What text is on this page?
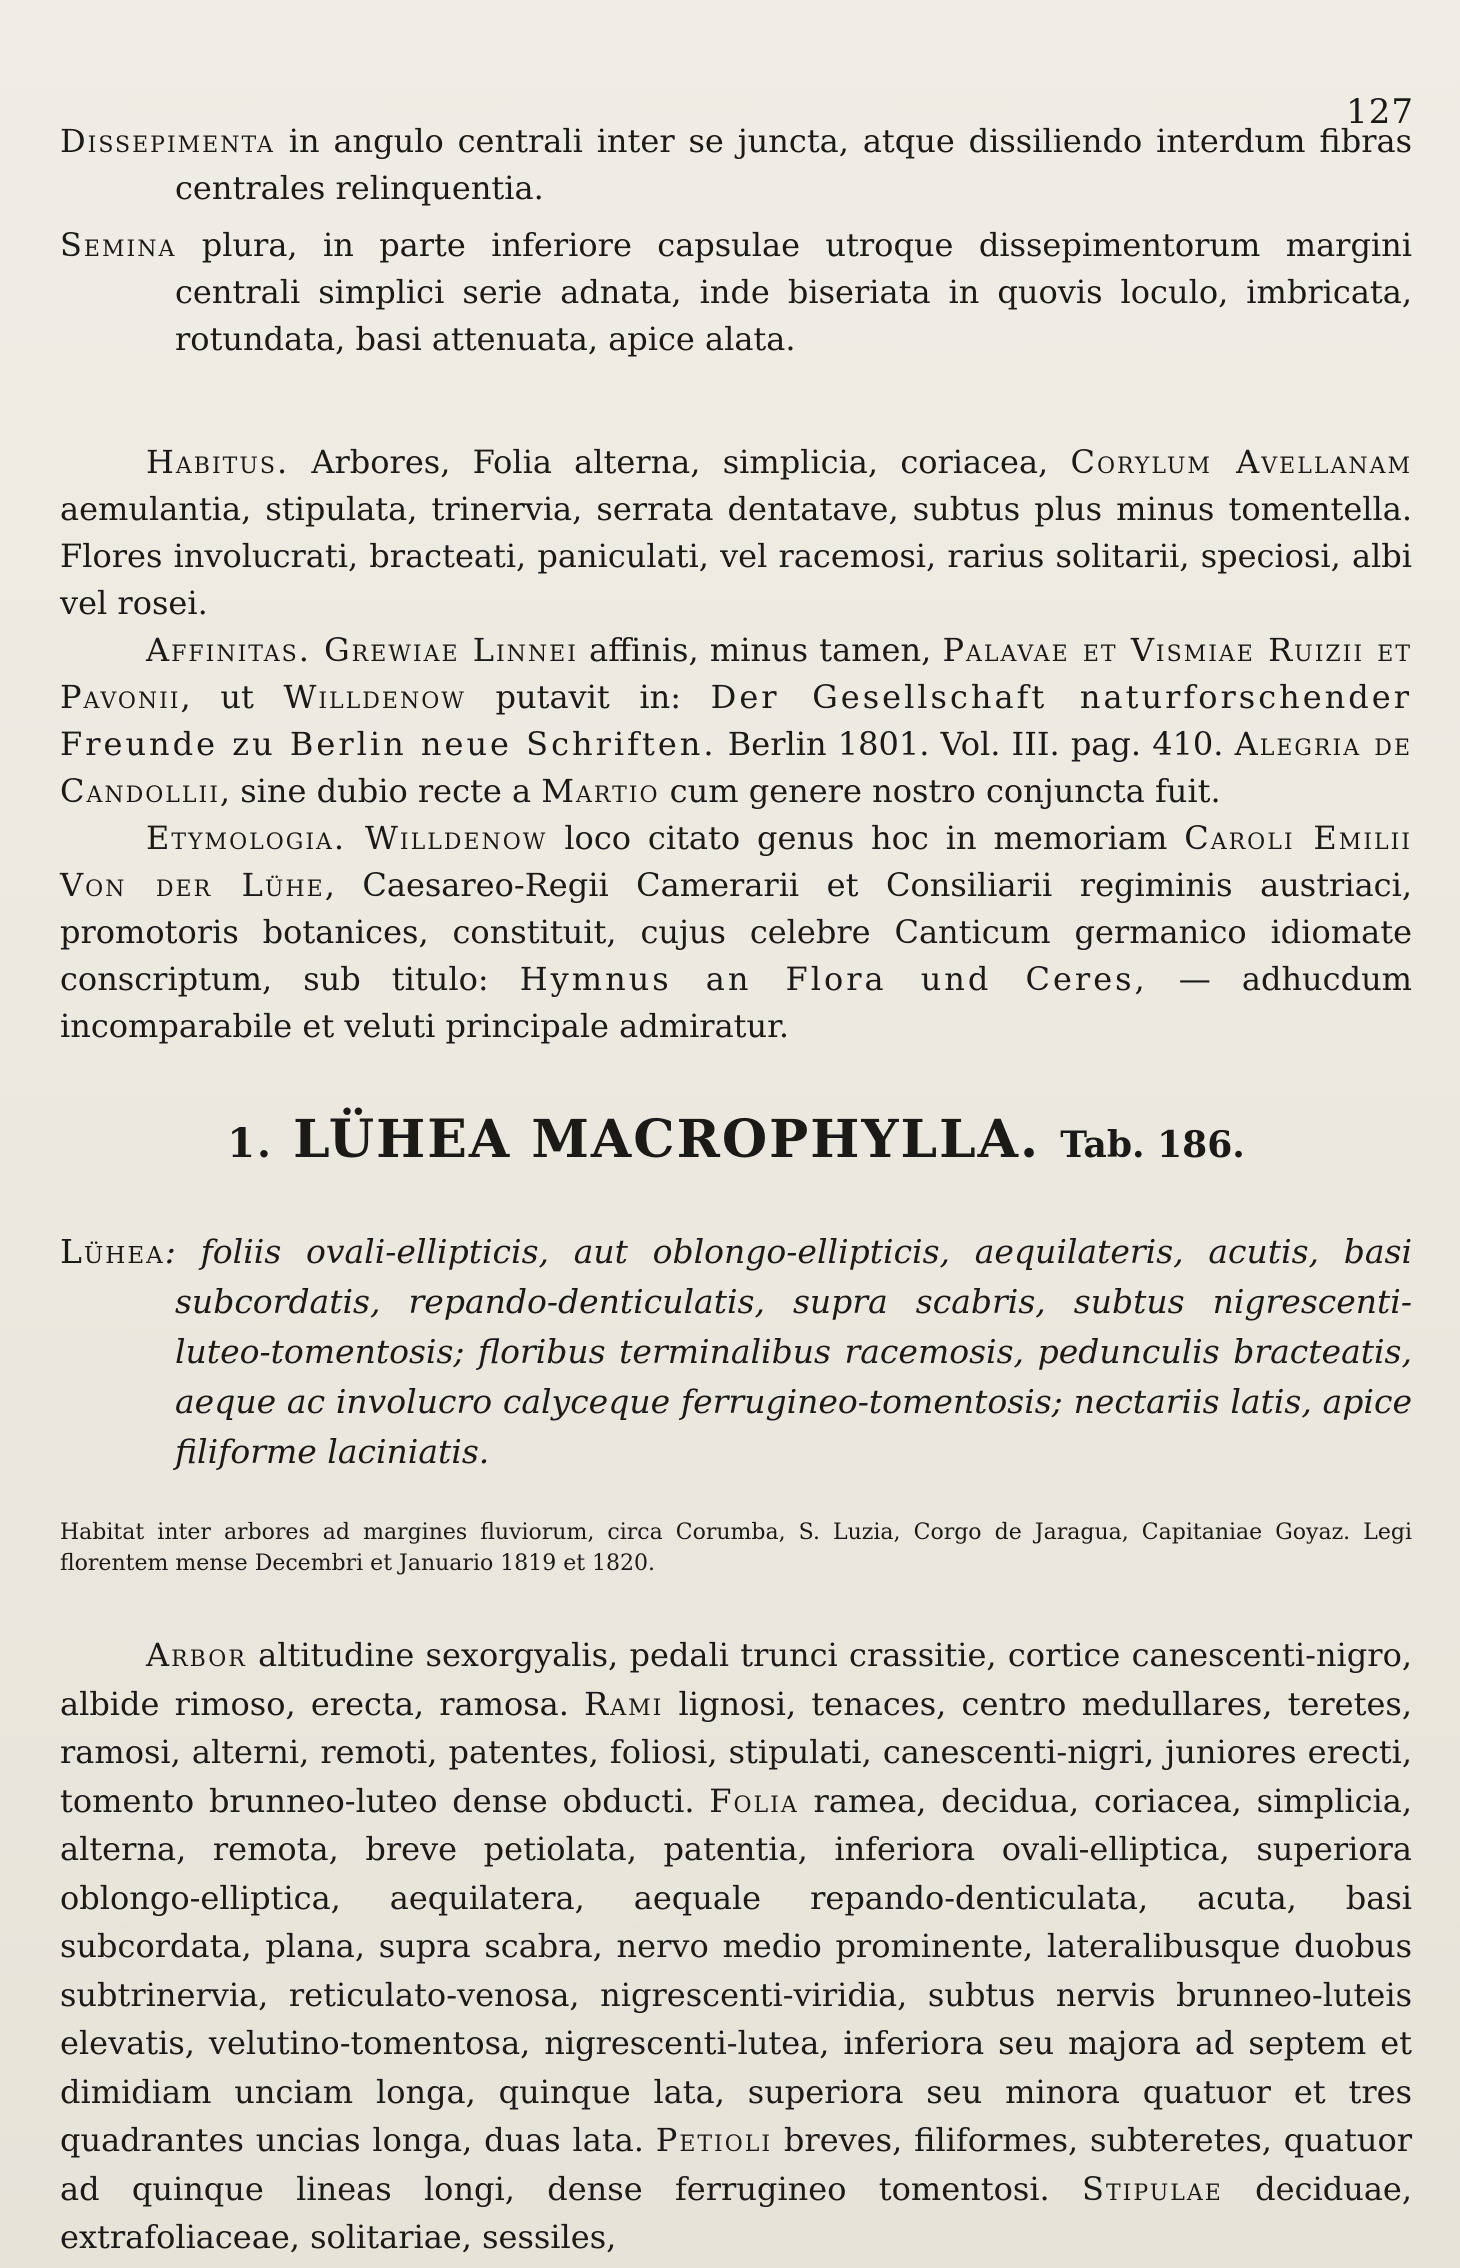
127

Dissepimenta in angulo centrali inter se juncta, atque dissiliendo interdum fibras centrales relinquentia.

Semina plura, in parte inferiore capsulae utroque dissepimentorum margini centrali simplici serie adnata, inde biseriata in quovis loculo, imbricata, rotundata, basi attenuata, apice alata.

Habitus. Arbores, Folia alterna, simplicia, coriacea, Corylum Avellanam aemulantia, stipulata, trinervia, serrata dentatave, subtus plus minus tomentella. Flores involucrati, bracteati, paniculati, vel racemosi, rarius solitarii, speciosi, albi vel rosei.

Affinitas. Grewiae Linnei affinis, minus tamen, Palavae et Vismiae Ruizii et Pavonii, ut Willdenow putavit in: Der Gesellschaft naturforschender Freunde zu Berlin neue Schriften. Berlin 1801. Vol. III. pag. 410. Alegria de Candollii, sine dubio recte a Martio cum genere nostro conjuncta fuit.

Etymologia. Willdenow loco citato genus hoc in memoriam Caroli Emilii Von der Lühe, Caesareo-Regii Camerarii et Consiliarii regiminis austriaci, promotoris botanices, constituit, cujus celebre Canticum germanico idiomate conscriptum, sub titulo: Hymnus an Flora und Ceres, — adhucdum incomparabile et veluti principale admiratur.

1. LÜHEA MACROPHYLLA. Tab. 186.

Lühea: foliis ovali-ellipticis, aut oblongo-ellipticis, aequilateris, acutis, basi subcordatis, repando-denticulatis, supra scabris, subtus nigrescenti-luteo-tomentosis; floribus terminalibus racemosis, pedunculis bracteatis, aeque ac involucro calyceque ferrugineo-tomentosis; nectariis latis, apice filiforme laciniatis.

Habitat inter arbores ad margines fluviorum, circa Corumba, S. Luzia, Corgo de Jaragua, Capitaniae Goyaz. Legi florentem mense Decembri et Januario 1819 et 1820.

Arbor altitudine sexorgyalis, pedali trunci crassitie, cortice canescenti-nigro, albide rimoso, erecta, ramosa. Rami lignosi, tenaces, centro medullares, teretes, ramosi, alterni, remoti, patentes, foliosi, stipulati, canescenti-nigri, juniores erecti, tomento brunneo-luteo dense obducti. Folia ramea, decidua, coriacea, simplicia, alterna, remota, breve petiolata, patentia, inferiora ovali-elliptica, superiora oblongo-elliptica, aequilatera, aequale repando-denticulata, acuta, basi subcordata, plana, supra scabra, nervo medio prominente, lateralibusque duobus subtrinervia, reticulato-venosa, nigrescenti-viridia, subtus nervis brunneo-luteis elevatis, velutino-tomentosa, nigrescenti-lutea, inferiora seu majora ad septem et dimidiam unciam longa, quinque lata, superiora seu minora quatuor et tres quadrantes uncias longa, duas lata. Petioli breves, filiformes, subteretes, quatuor ad quinque lineas longi, dense ferrugineo tomentosi. Stipulae deciduae, extrafoliaceae, solitariae, sessiles,
